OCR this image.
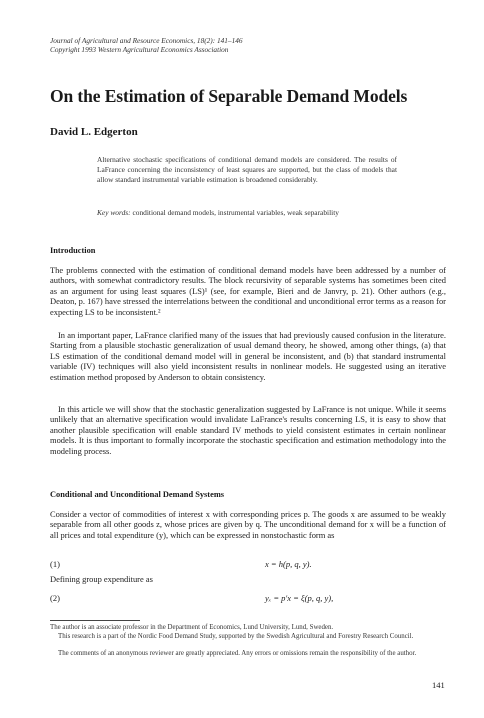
Journal of Agricultural and Resource Economics, 18(2): 141–146
Copyright 1993 Western Agricultural Economics Association
On the Estimation of Separable Demand Models
David L. Edgerton
Alternative stochastic specifications of conditional demand models are considered. The results of LaFrance concerning the inconsistency of least squares are supported, but the class of models that allow standard instrumental variable estimation is broadened considerably.
Key words: conditional demand models, instrumental variables, weak separability
Introduction
The problems connected with the estimation of conditional demand models have been addressed by a number of authors, with somewhat contradictory results. The block recursivity of separable systems has sometimes been cited as an argument for using least squares (LS)¹ (see, for example, Bieri and de Janvry, p. 21). Other authors (e.g., Deaton, p. 167) have stressed the interrelations between the conditional and unconditional error terms as a reason for expecting LS to be inconsistent.²
In an important paper, LaFrance clarified many of the issues that had previously caused confusion in the literature. Starting from a plausible stochastic generalization of usual demand theory, he showed, among other things, (a) that LS estimation of the conditional demand model will in general be inconsistent, and (b) that standard instrumental variable (IV) techniques will also yield inconsistent results in nonlinear models. He suggested using an iterative estimation method proposed by Anderson to obtain consistency.
In this article we will show that the stochastic generalization suggested by LaFrance is not unique. While it seems unlikely that an alternative specification would invalidate LaFrance's results concerning LS, it is easy to show that another plausible specification will enable standard IV methods to yield consistent estimates in certain nonlinear models. It is thus important to formally incorporate the stochastic specification and estimation methodology into the modeling process.
Conditional and Unconditional Demand Systems
Consider a vector of commodities of interest x with corresponding prices p. The goods x are assumed to be weakly separable from all other goods z, whose prices are given by q. The unconditional demand for x will be a function of all prices and total expenditure (y), which can be expressed in nonstochastic form as
(1)	x = h(p, q, y).
Defining group expenditure as
(2)	yₓ = p′x = ξ(p, q, y),
The author is an associate professor in the Department of Economics, Lund University, Lund, Sweden.
This research is a part of the Nordic Food Demand Study, supported by the Swedish Agricultural and Forestry Research Council.
The comments of an anonymous reviewer are greatly appreciated. Any errors or omissions remain the responsibility of the author.
141
